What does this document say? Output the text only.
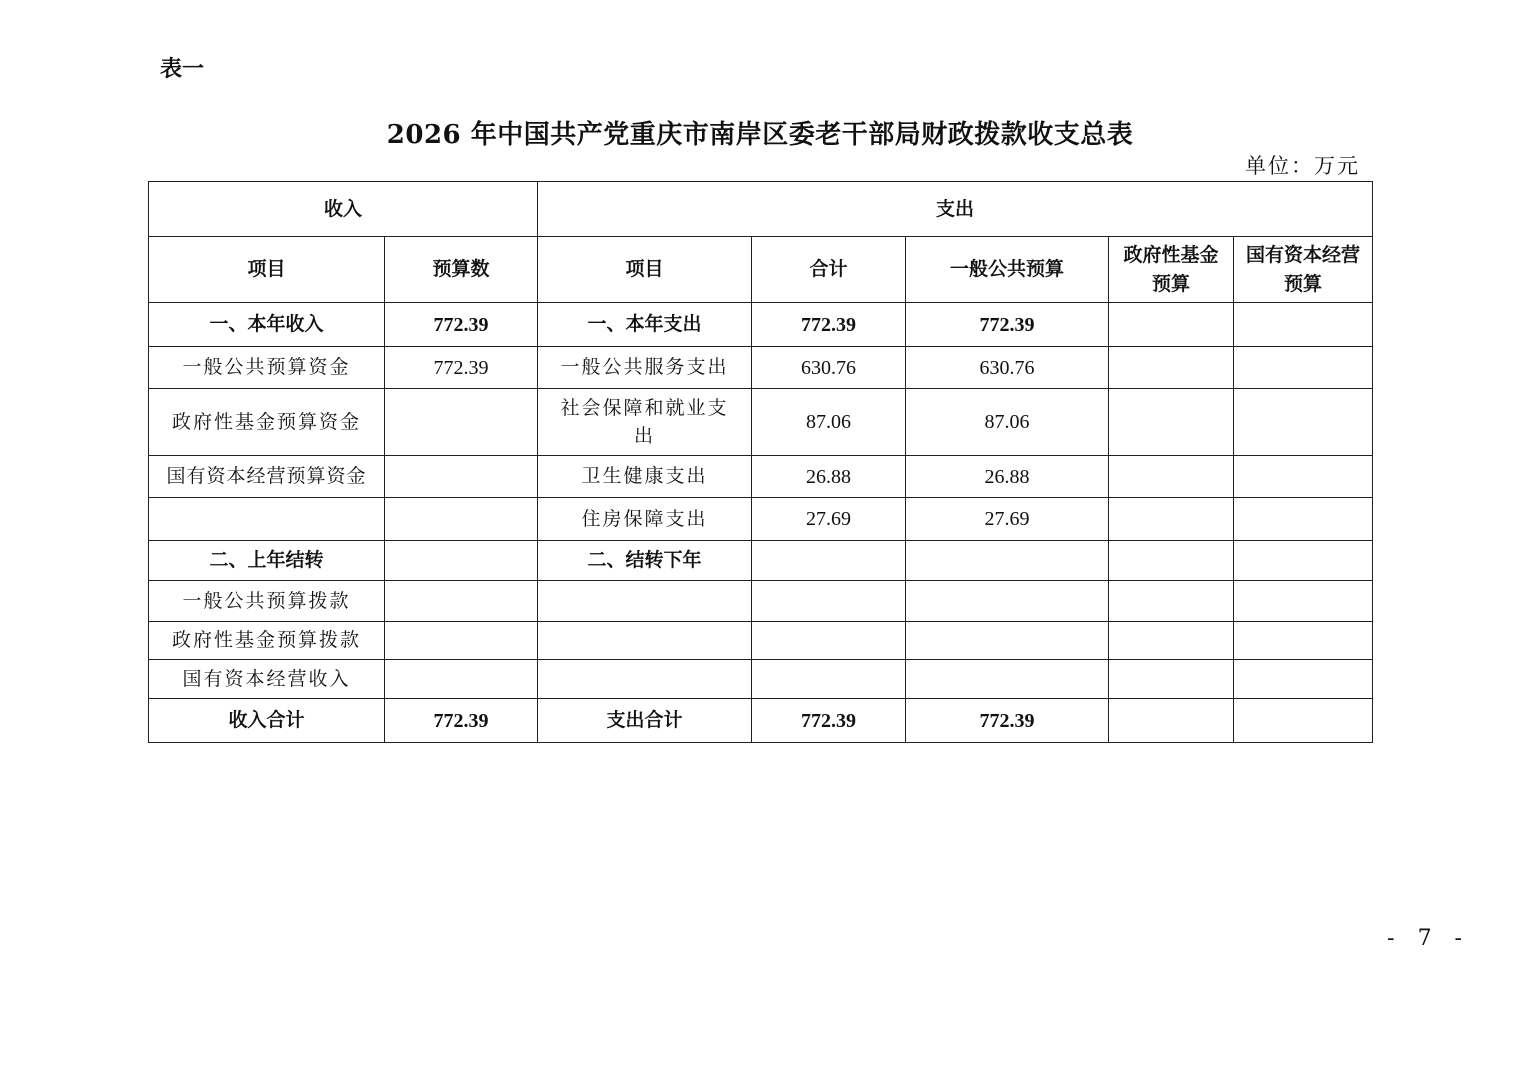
表一
2026 年中国共产党重庆市南岸区委老干部局财政拨款收支总表
单位：万元
收入		支出				
项目	预算数	项目	合计	一般公共预算	政府性基金预算	国有资本经营预算
一、本年收入	772.39	一、本年支出	772.39	772.39		
一般公共预算资金	772.39	一般公共服务支出	630.76	630.76		
政府性基金预算资金		社会保障和就业支出	87.06	87.06		
国有资本经营预算资金		卫生健康支出	26.88	26.88		
		住房保障支出	27.69	27.69		
二、上年结转		二、结转下年				
一般公共预算拨款						
政府性基金预算拨款						
国有资本经营收入						
收入合计	772.39	支出合计	772.39	772.39		
- 7 -
